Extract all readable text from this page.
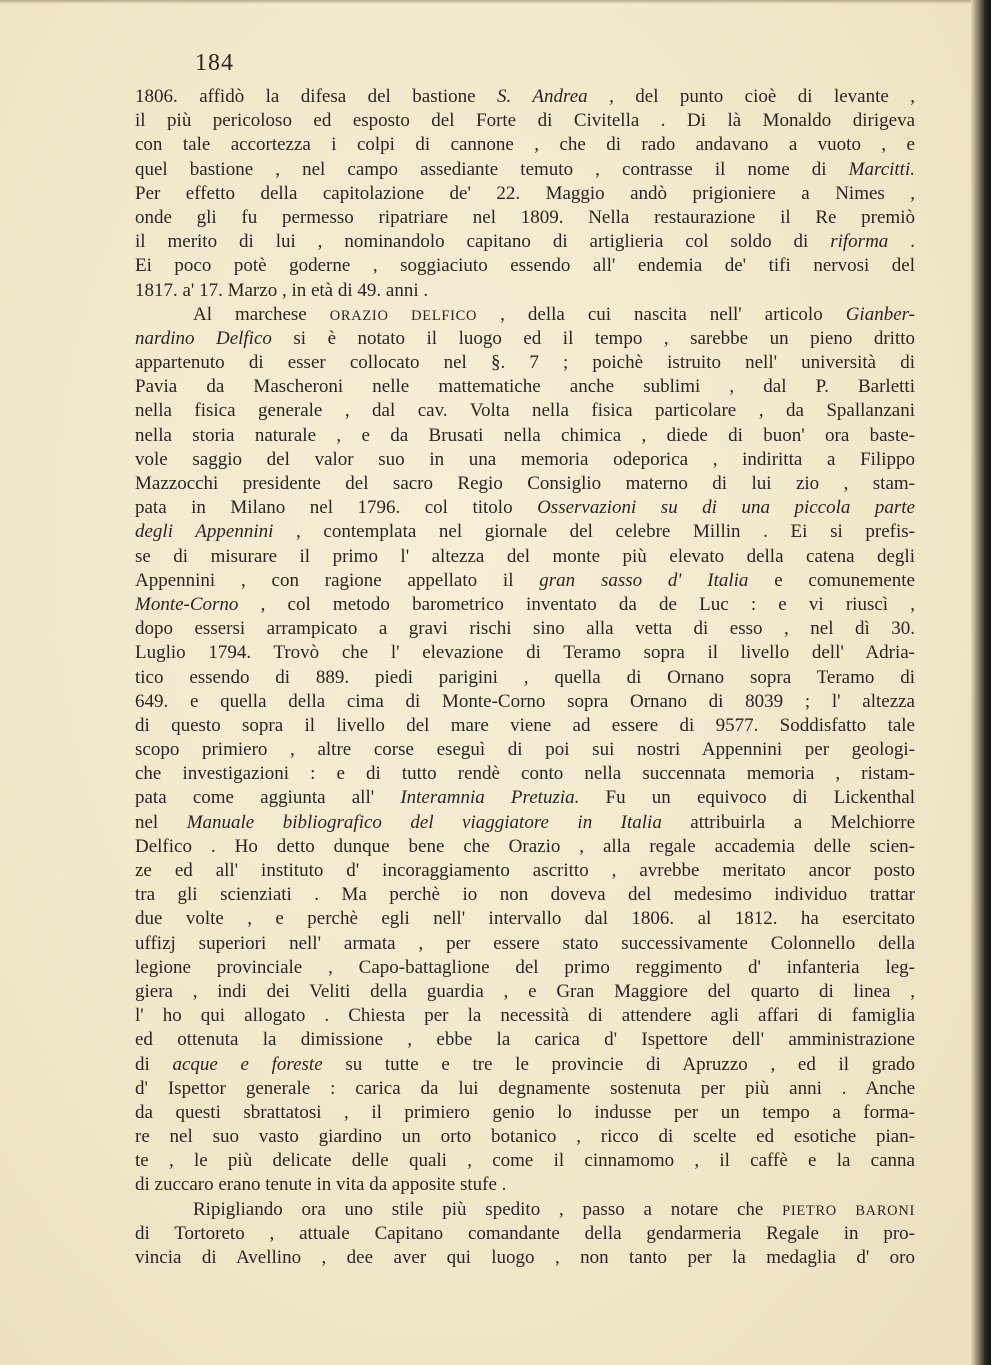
184
1806. affidò la difesa del bastione S. Andrea , del punto cioè di levante ,
il più pericoloso ed esposto del Forte di Civitella . Di là Monaldo dirigeva
con tale accortezza i colpi di cannone , che di rado andavano a vuoto , e
quel bastione , nel campo assediante temuto , contrasse il nome di Marcitti.
Per effetto della capitolazione de' 22. Maggio andò prigioniere a Nimes ,
onde gli fu permesso ripatriare nel 1809. Nella restaurazione il Re premiò
il merito di lui , nominandolo capitano di artiglieria col soldo di riforma .
Ei poco potè goderne , soggiaciuto essendo all' endemia de' tifi nervosi del
1817. a' 17. Marzo , in età di 49. anni .
Al marchese ORAZIO DELFICO , della cui nascita nell' articolo Gianber-
nardino Delfico si è notato il luogo ed il tempo , sarebbe un pieno dritto
appartenuto di esser collocato nel §. 7 ; poichè istruito nell' università di
Pavia da Mascheroni nelle mattematiche anche sublimi , dal P. Barletti
nella fisica generale , dal cav. Volta nella fisica particolare , da Spallanzani
nella storia naturale , e da Brusati nella chimica , diede di buon' ora baste-
vole saggio del valor suo in una memoria odeporica , indiritta a Filippo
Mazzocchi presidente del sacro Regio Consiglio materno di lui zio , stam-
pata in Milano nel 1796. col titolo Osservazioni su di una piccola parte
degli Appennini , contemplata nel giornale del celebre Millin . Ei si prefis-
se di misurare il primo l' altezza del monte più elevato della catena degli
Appennini , con ragione appellato il gran sasso d' Italia e comunemente
Monte-Corno , col metodo barometrico inventato da de Luc : e vi riuscì ,
dopo essersi arrampicato a gravi rischi sino alla vetta di esso , nel dì 30.
Luglio 1794. Trovò che l' elevazione di Teramo sopra il livello dell' Adria-
tico essendo di 889. piedi parigini , quella di Ornano sopra Teramo di
649. e quella della cima di Monte-Corno sopra Ornano di 8039 ; l' altezza
di questo sopra il livello del mare viene ad essere di 9577. Soddisfatto tale
scopo primiero , altre corse eseguì di poi sui nostri Appennini per geologi-
che investigazioni : e di tutto rendè conto nella succennata memoria , ristam-
pata come aggiunta all' Interamnia Pretuzia. Fu un equivoco di Lickenthal
nel Manuale bibliografico del viaggiatore in Italia attribuirla a Melchiorre
Delfico . Ho detto dunque bene che Orazio , alla regale accademia delle scien-
ze ed all' instituto d' incoraggiamento ascritto , avrebbe meritato ancor posto
tra gli scienziati . Ma perchè io non doveva del medesimo individuo trattar
due volte , e perchè egli nell' intervallo dal 1806. al 1812. ha esercitato
uffizj superiori nell' armata , per essere stato successivamente Colonnello della
legione provinciale , Capo-battaglione del primo reggimento d' infanteria leg-
giera , indi dei Veliti della guardia , e Gran Maggiore del quarto di linea ,
l' ho qui allogato . Chiesta per la necessità di attendere agli affari di famiglia
ed ottenuta la dimissione , ebbe la carica d' Ispettore dell' amministrazione
di acque e foreste su tutte e tre le provincie di Apruzzo , ed il grado
d' Ispettor generale : carica da lui degnamente sostenuta per più anni . Anche
da questi sbrattatosi , il primiero genio lo indusse per un tempo a forma-
re nel suo vasto giardino un orto botanico , ricco di scelte ed esotiche pian-
te , le più delicate delle quali , come il cinnamomo , il caffè e la canna
di zuccaro erano tenute in vita da apposite stufe .
Ripigliando ora uno stile più spedito , passo a notare che PIETRO BARONI
di Tortoreto , attuale Capitano comandante della gendarmeria Regale in pro-
vincia di Avellino , dee aver qui luogo , non tanto per la medaglia d' oro
